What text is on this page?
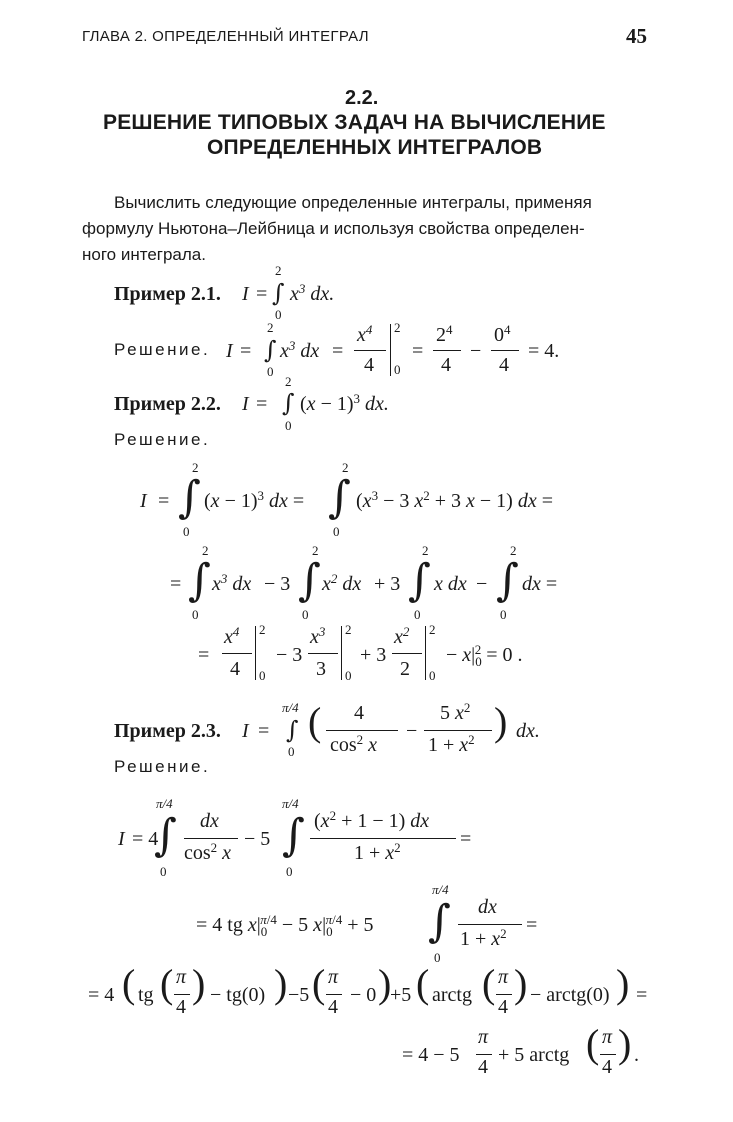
ГЛАВА 2. ОПРЕДЕЛЕННЫЙ ИНТЕГРАЛ	45
2.2.
РЕШЕНИЕ ТИПОВЫХ ЗАДАЧ НА ВЫЧИСЛЕНИЕ
ОПРЕДЕЛЕННЫХ ИНТЕГРАЛОВ
Вычислить следующие определенные интегралы, применяя
формулу Ньютона–Лейбница и используя свойства определен-
ного интеграла.
Пример 2.1. I =
2
∫
0
$x^3$ dx.
Решение. I =
2
∫
0
$x^3$ dx =
$x^4$
4
2
0
=
$2^4$
4
−
$0^4$
4
= 4.
Пример 2.2. I =
2
∫
0
$(x - 1)^3$ dx.
Решение.
I =
2
∫
0
$(x - 1)^3$ dx =
2
∫
0
($x^3 - 3$ $x^2 + 3$ x − 1) dx =
=
2
∫
0
$x^3$ dx − 3
2
∫
0
$x^2$ dx + 3
2
∫
0
x dx −
2
∫
0
dx =
=
$x^4$
4
2
0
− 3
$x^3$
3
2
0
+ 3
$x^2$
2
2
0
− $x|_0^2 = 0$ .
Пример 2.3. I =
π/4
∫
0
( 4
$\cos^2 x$
−
5 $x^2$
$1 + x^2$ ) dx.
Решение.
I = 4
π/4
∫
0
dx
$\cos^2 x$
− 5
π/4
∫
0
$(x^2 + 1 - 1)$ dx
$1 + x^2$	=
= 4 tg $x|_0^{\pi/4} - 5$ $x|_0^{\pi/4} + 5$
π/4
∫
0
dx
$1 + x^2$ =
= 4 ( tg ( π
4
) − tg(0) ) −5 ( π
4
− 0 )
+5 ( arctg ( π
4
) − arctg(0) ) =
= 4 − 5
π
4
+ 5 arctg ( π
4
) .
